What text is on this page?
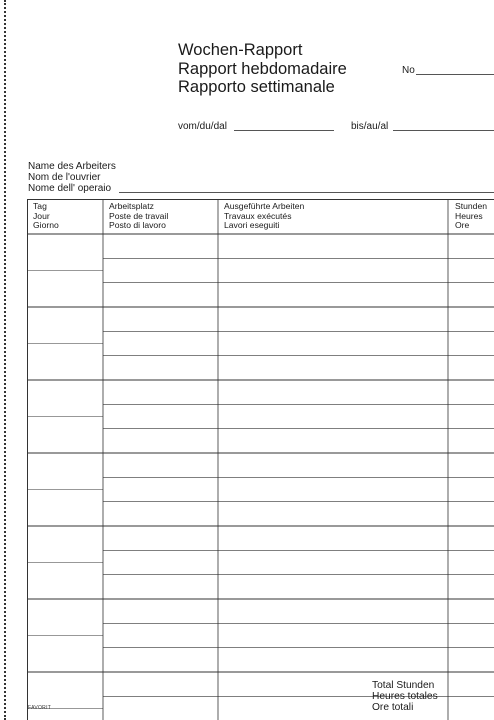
Wochen-Rapport
Rapport hebdomadaire
Rapporto settimanale
No
vom/du/dal	bis/au/al
Name des Arbeiters
Nom de l'ouvrier
Nome dell' operaio
Tag
Jour
Giorno
Arbeitsplatz
Poste de travail
Posto di lavoro
Ausgeführte Arbeiten
Travaux exécutés
Lavori eseguiti
Stunden
Heures
Ore
Total Stunden
Heures totales
Ore totali
FAVORIT
